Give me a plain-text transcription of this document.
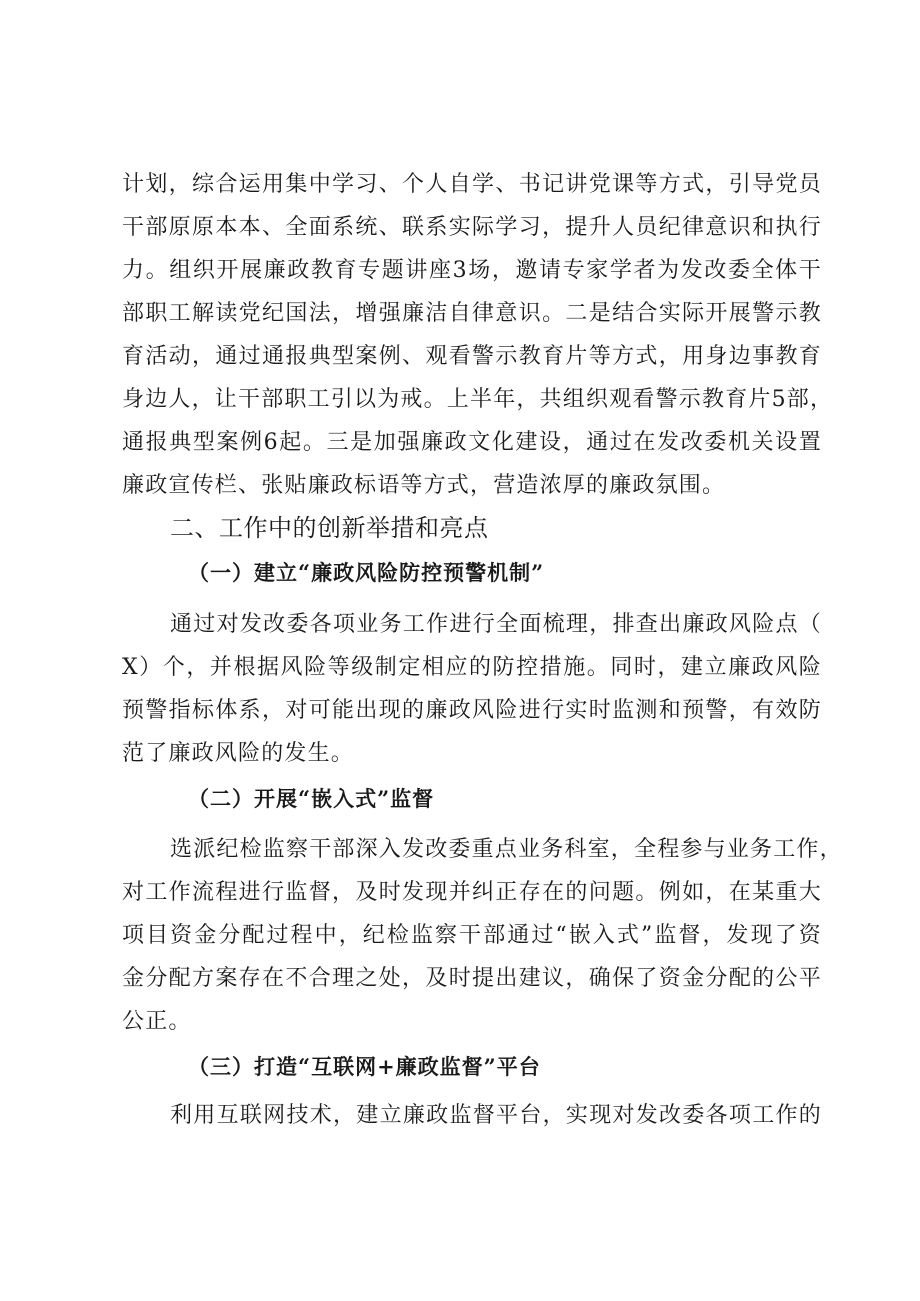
计划，综合运用集中学习、个人自学、书记讲党课等方式，引导党员
干部原原本本、全面系统、联系实际学习，提升人员纪律意识和执行
力。组织开展廉政教育专题讲座3场，邀请专家学者为发改委全体干
部职工解读党纪国法，增强廉洁自律意识。二是结合实际开展警示教
育活动，通过通报典型案例、观看警示教育片等方式，用身边事教育
身边人，让干部职工引以为戒。上半年，共组织观看警示教育片5部，
通报典型案例6起。三是加强廉政文化建设，通过在发改委机关设置
廉政宣传栏、张贴廉政标语等方式，营造浓厚的廉政氛围。
二、工作中的创新举措和亮点
（一）建立“廉政风险防控预警机制”
通过对发改委各项业务工作进行全面梳理，排查出廉政风险点（
X）个，并根据风险等级制定相应的防控措施。同时，建立廉政风险
预警指标体系，对可能出现的廉政风险进行实时监测和预警，有效防
范了廉政风险的发生。
（二）开展“嵌入式”监督
选派纪检监察干部深入发改委重点业务科室，全程参与业务工作，
对工作流程进行监督，及时发现并纠正存在的问题。例如，在某重大
项目资金分配过程中，纪检监察干部通过“嵌入式”监督，发现了资
金分配方案存在不合理之处，及时提出建议，确保了资金分配的公平
公正。
（三）打造“互联网+廉政监督”平台
利用互联网技术，建立廉政监督平台，实现对发改委各项工作的
